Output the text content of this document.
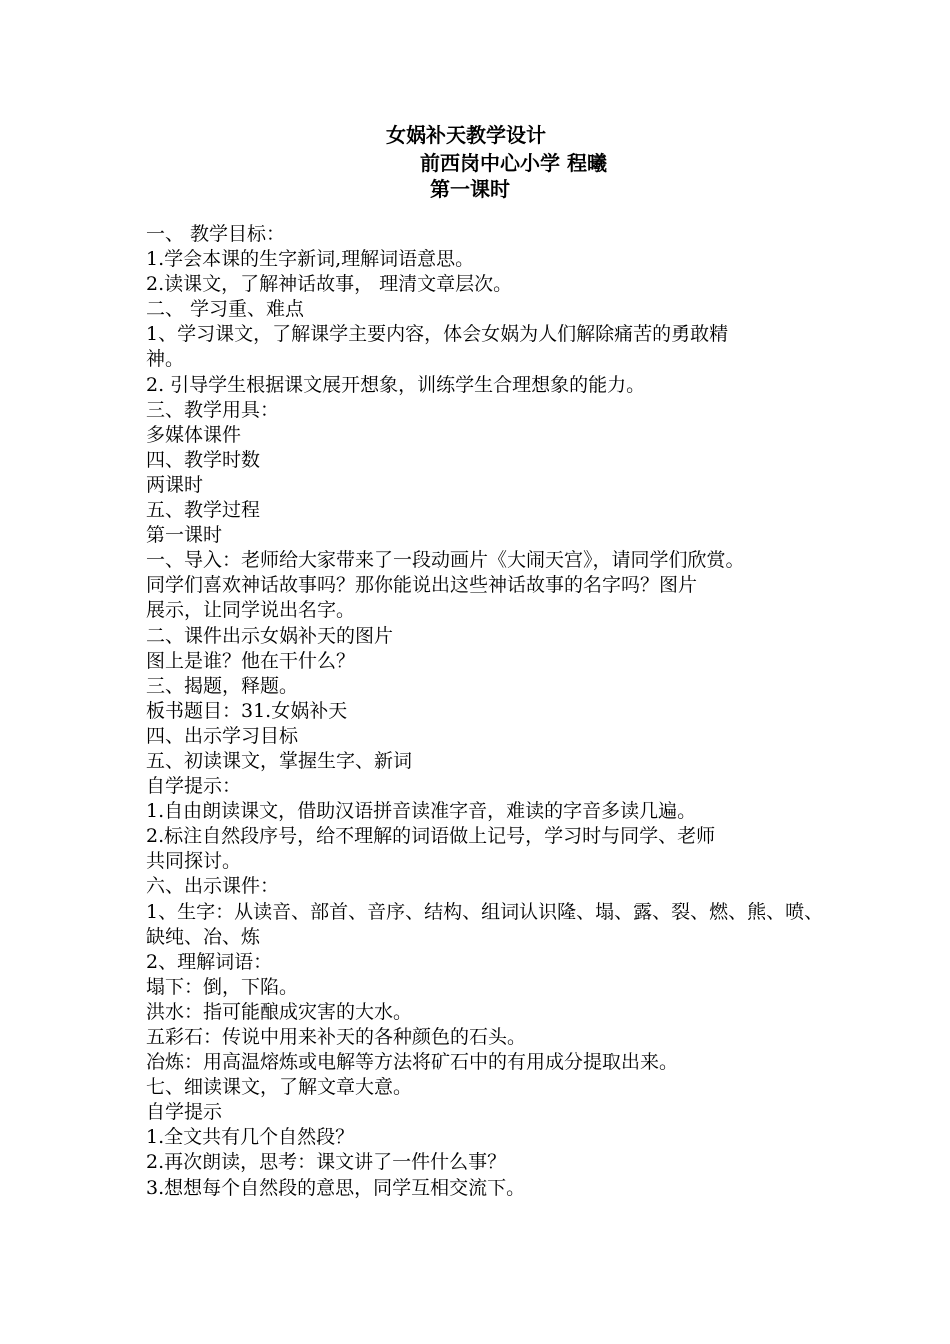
女娲补天教学设计
前西岗中心小学 程曦
第一课时
一、 教学目标：
1.学会本课的生字新词,理解词语意思。
2.读课文，了解神话故事， 理清文章层次。
二、 学习重、难点
1、学习课文，了解课学主要内容，体会女娲为人们解除痛苦的勇敢精
神。
2. 引导学生根据课文展开想象，训练学生合理想象的能力。
三、教学用具：
多媒体课件
四、教学时数
两课时
五、教学过程
第一课时
一、导入：老师给大家带来了一段动画片《大闹天宫》，请同学们欣赏。
同学们喜欢神话故事吗？那你能说出这些神话故事的名字吗？图片
展示，让同学说出名字。
二、课件出示女娲补天的图片
图上是谁？他在干什么？
三、揭题，释题。
板书题目：31.女娲补天
四、出示学习目标
五、初读课文，掌握生字、新词
自学提示：
1.自由朗读课文，借助汉语拼音读准字音，难读的字音多读几遍。
2.标注自然段序号，给不理解的词语做上记号，学习时与同学、老师
共同探讨。
六、出示课件：
1、生字：从读音、部首、音序、结构、组词认识隆、塌、露、裂、燃、熊、喷、
缺纯、冶、炼
2、理解词语：
塌下：倒，下陷。
洪水：指可能酿成灾害的大水。
五彩石：传说中用来补天的各种颜色的石头。
冶炼：用高温熔炼或电解等方法将矿石中的有用成分提取出来。
七、细读课文，了解文章大意。
自学提示
1.全文共有几个自然段？
2.再次朗读，思考：课文讲了一件什么事？
3.想想每个自然段的意思，同学互相交流下。
